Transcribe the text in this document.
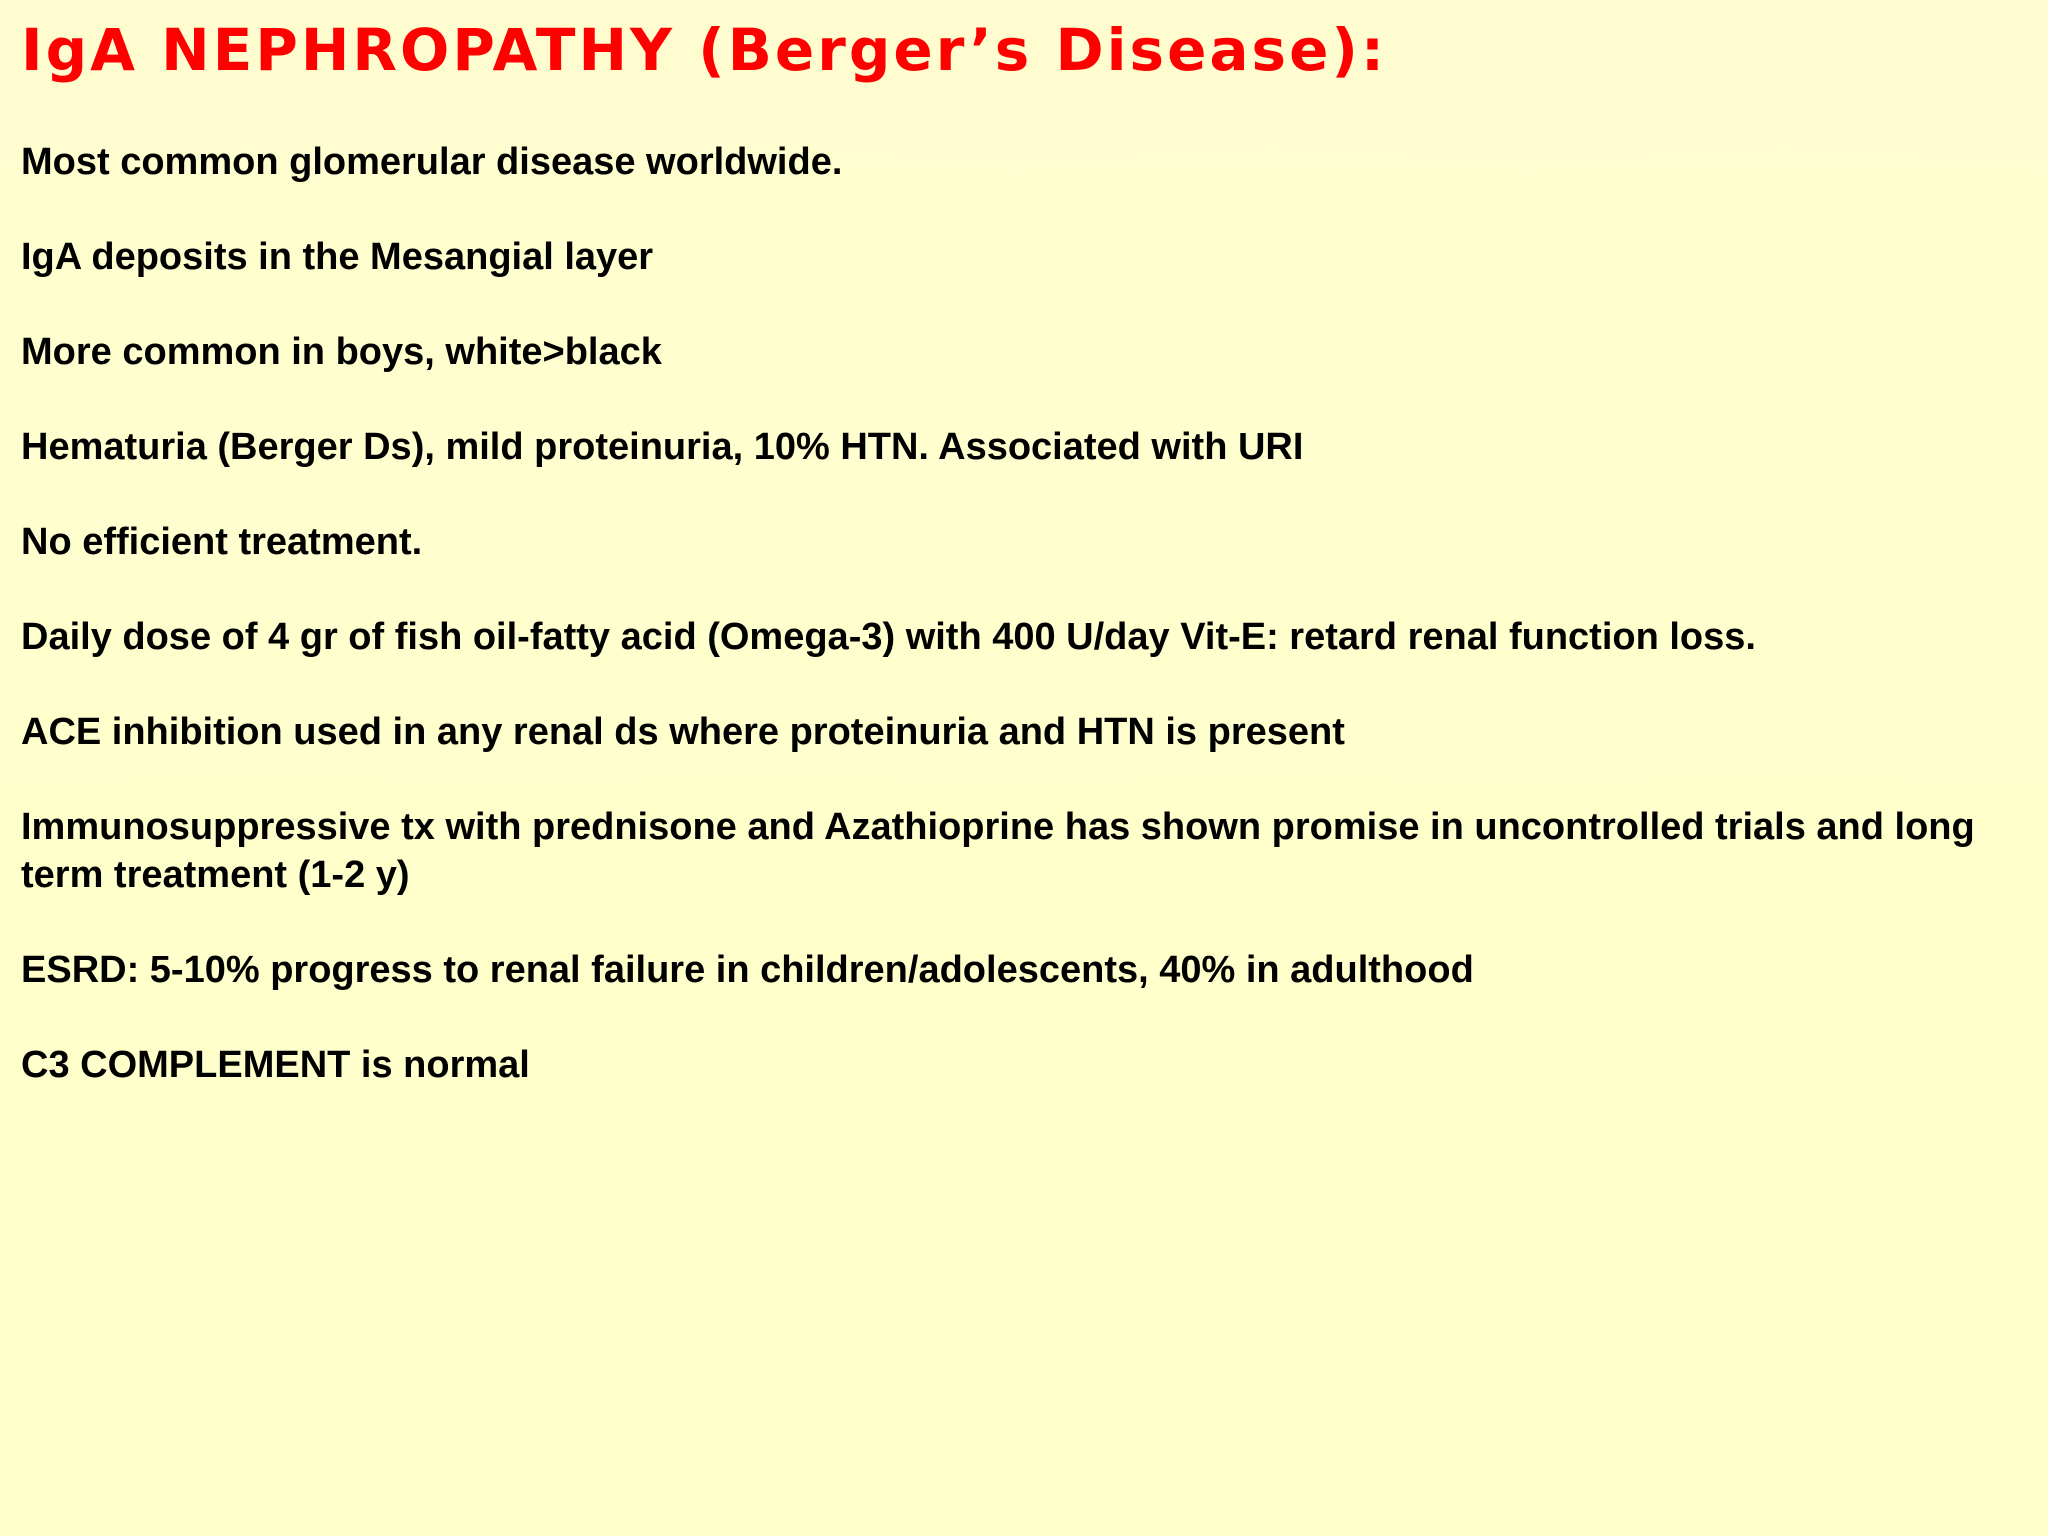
IgA NEPHROPATHY (Berger’s Disease):
Most common glomerular disease worldwide.
IgA deposits in the Mesangial layer
More common in boys, white>black
Hematuria (Berger Ds), mild proteinuria, 10% HTN. Associated with URI
No efficient treatment.
Daily dose of 4 gr of fish oil-fatty acid (Omega-3) with 400 U/day Vit-E: retard renal function loss.
ACE inhibition used in any renal ds where proteinuria and HTN is present
Immunosuppressive tx with prednisone and Azathioprine has shown promise in uncontrolled trials and long term treatment (1-2 y)
ESRD: 5-10% progress to renal failure in children/adolescents, 40% in adulthood
C3 COMPLEMENT is normal
